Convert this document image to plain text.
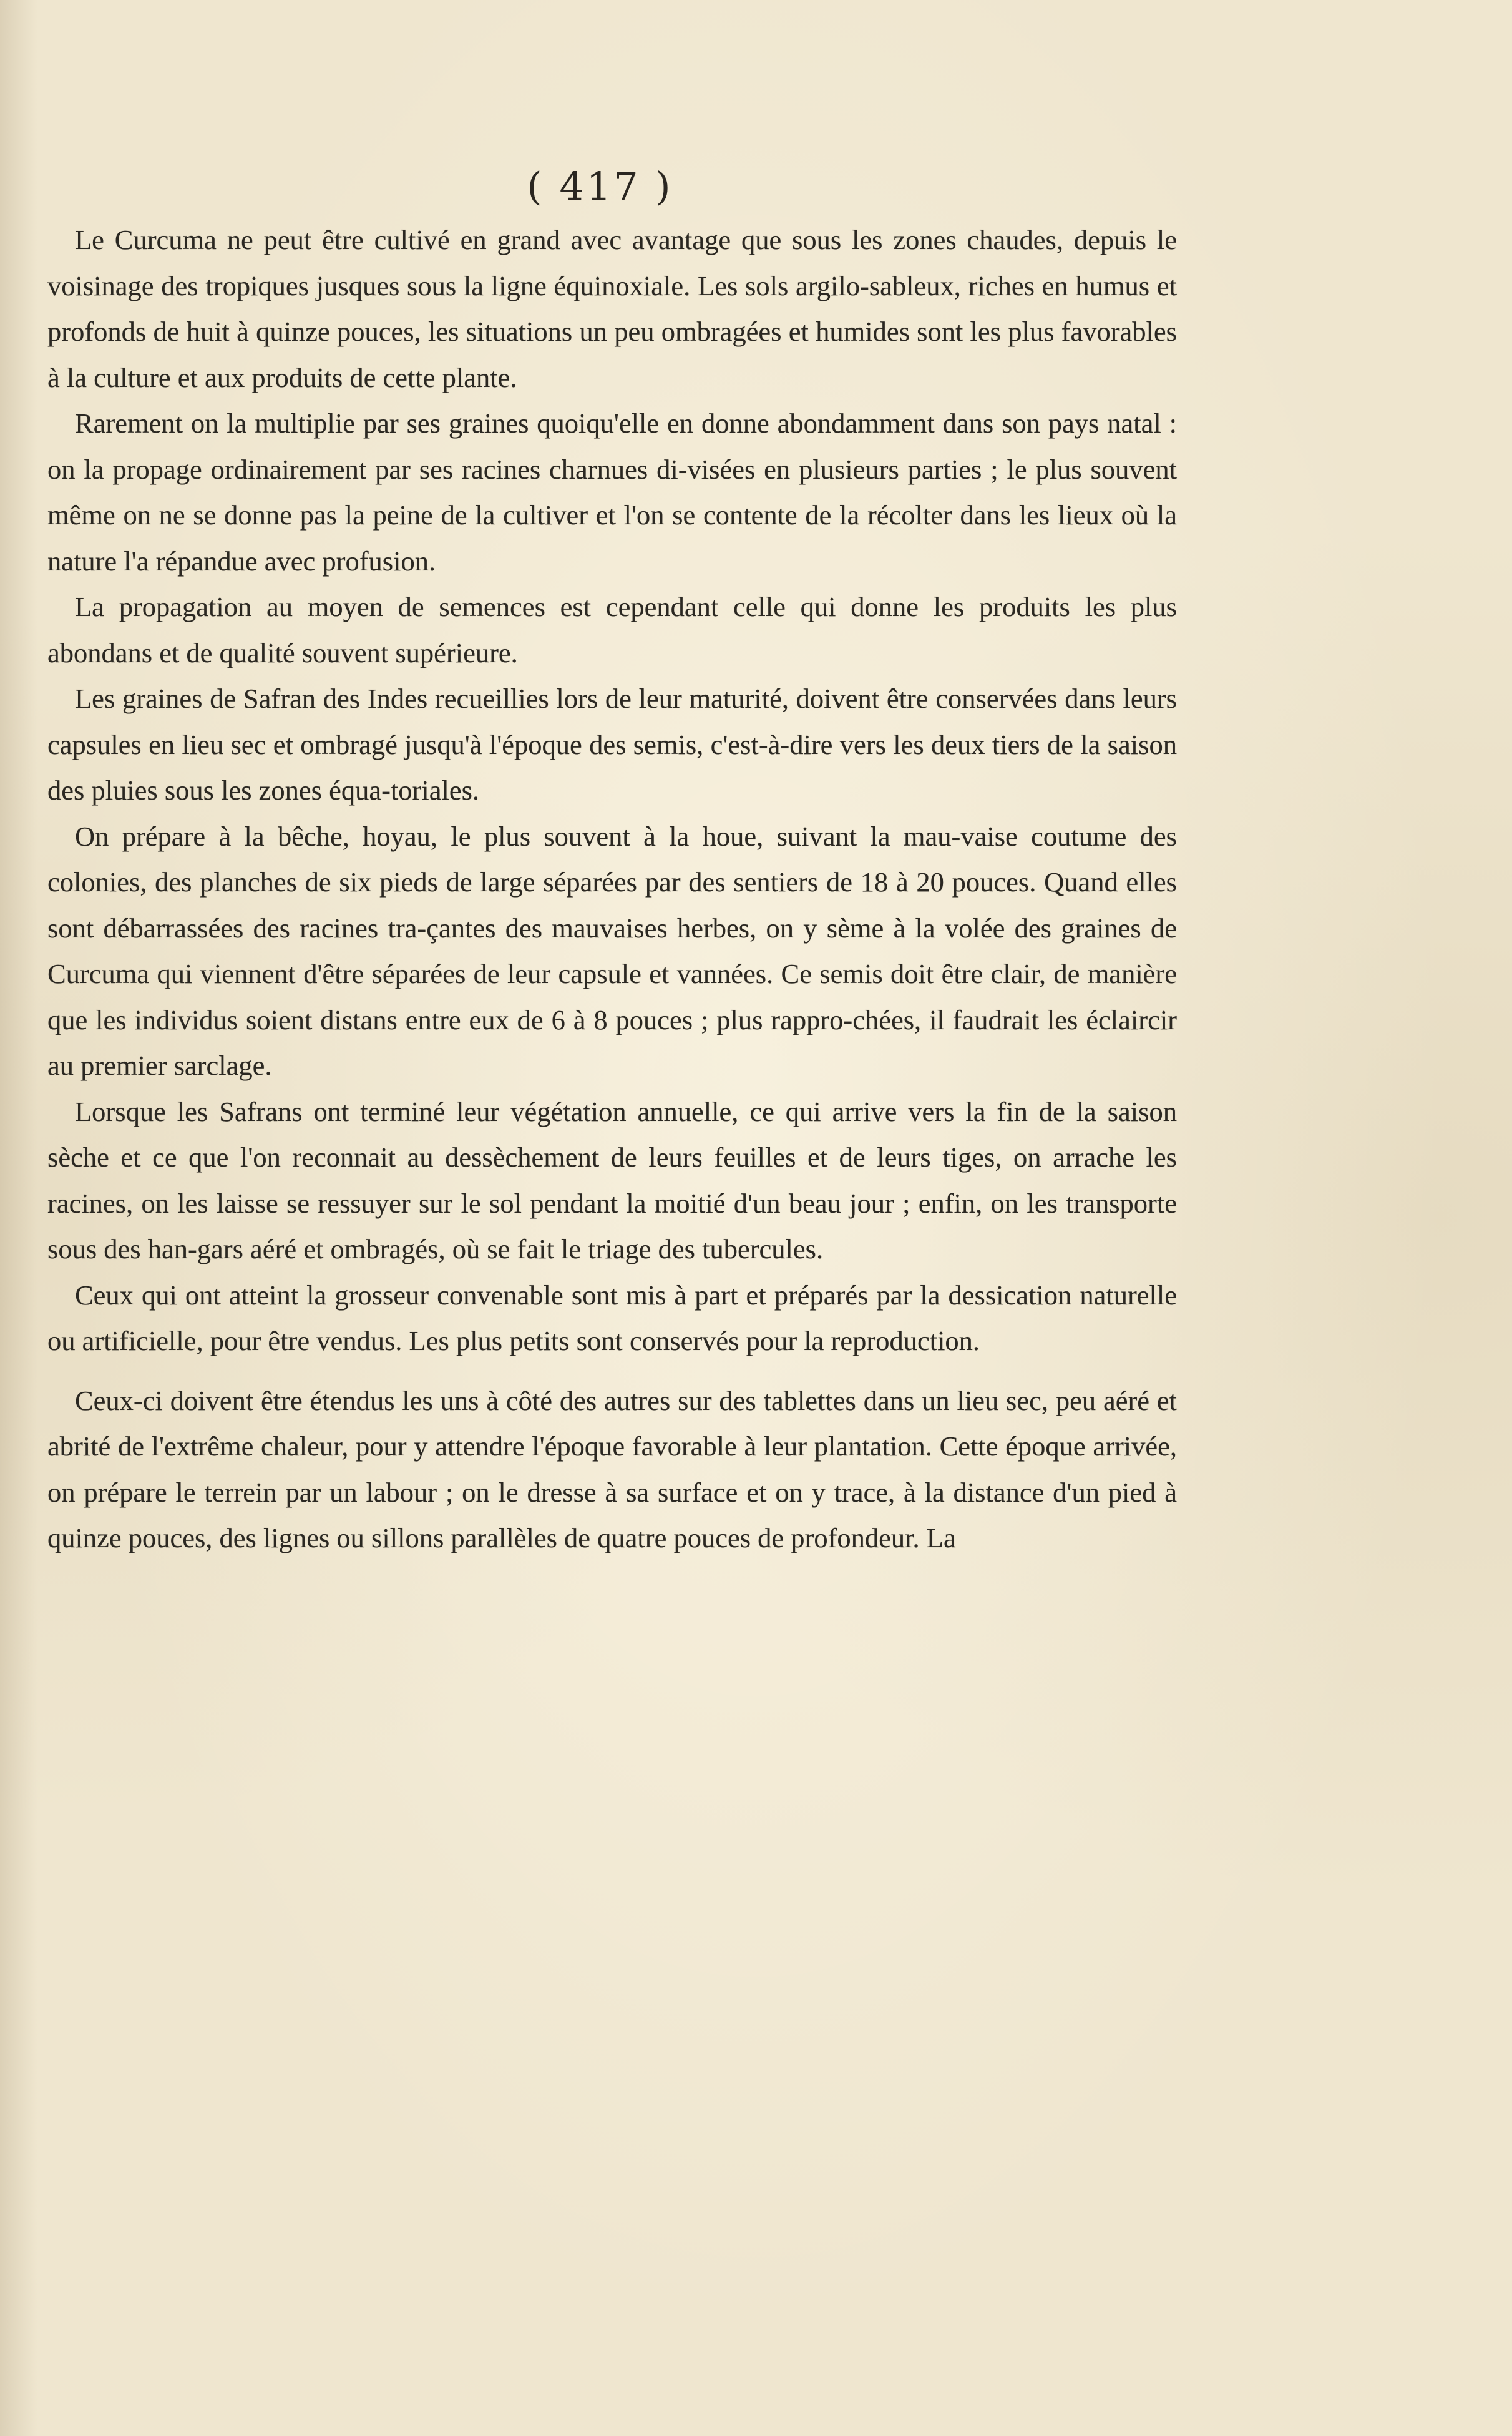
( 417 )

Le Curcuma ne peut être cultivé en grand avec avantage que sous les zones chaudes, depuis le voisinage des tropiques jusques sous la ligne équinoxiale. Les sols argilo-sableux, riches en humus et profonds de huit à quinze pouces, les situations un peu ombragées et humides sont les plus favorables à la culture et aux produits de cette plante.

Rarement on la multiplie par ses graines quoiqu'elle en donne abondamment dans son pays natal : on la propage ordinairement par ses racines charnues di-visées en plusieurs parties ; le plus souvent même on ne se donne pas la peine de la cultiver et l'on se contente de la récolter dans les lieux où la nature l'a répandue avec profusion.

La propagation au moyen de semences est cependant celle qui donne les produits les plus abondans et de qualité souvent supérieure.

Les graines de Safran des Indes recueillies lors de leur maturité, doivent être conservées dans leurs capsules en lieu sec et ombragé jusqu'à l'époque des semis, c'est-à-dire vers les deux tiers de la saison des pluies sous les zones équa-toriales.

On prépare à la bêche, hoyau, le plus souvent à la houe, suivant la mau-vaise coutume des colonies, des planches de six pieds de large séparées par des sentiers de 18 à 20 pouces. Quand elles sont débarrassées des racines tra-çantes des mauvaises herbes, on y sème à la volée des graines de Curcuma qui viennent d'être séparées de leur capsule et vannées. Ce semis doit être clair, de manière que les individus soient distans entre eux de 6 à 8 pouces ; plus rappro-chées, il faudrait les éclaircir au premier sarclage.

Lorsque les Safrans ont terminé leur végétation annuelle, ce qui arrive vers la fin de la saison sèche et ce que l'on reconnait au dessèchement de leurs feuilles et de leurs tiges, on arrache les racines, on les laisse se ressuyer sur le sol pendant la moitié d'un beau jour ; enfin, on les transporte sous des han-gars aéré et ombragés, où se fait le triage des tubercules.

Ceux qui ont atteint la grosseur convenable sont mis à part et préparés par la dessication naturelle ou artificielle, pour être vendus. Les plus petits sont conservés pour la reproduction.

Ceux-ci doivent être étendus les uns à côté des autres sur des tablettes dans un lieu sec, peu aéré et abrité de l'extrême chaleur, pour y attendre l'époque favorable à leur plantation. Cette époque arrivée, on prépare le terrein par un labour ; on le dresse à sa surface et on y trace, à la distance d'un pied à quinze pouces, des lignes ou sillons parallèles de quatre pouces de profondeur. La
